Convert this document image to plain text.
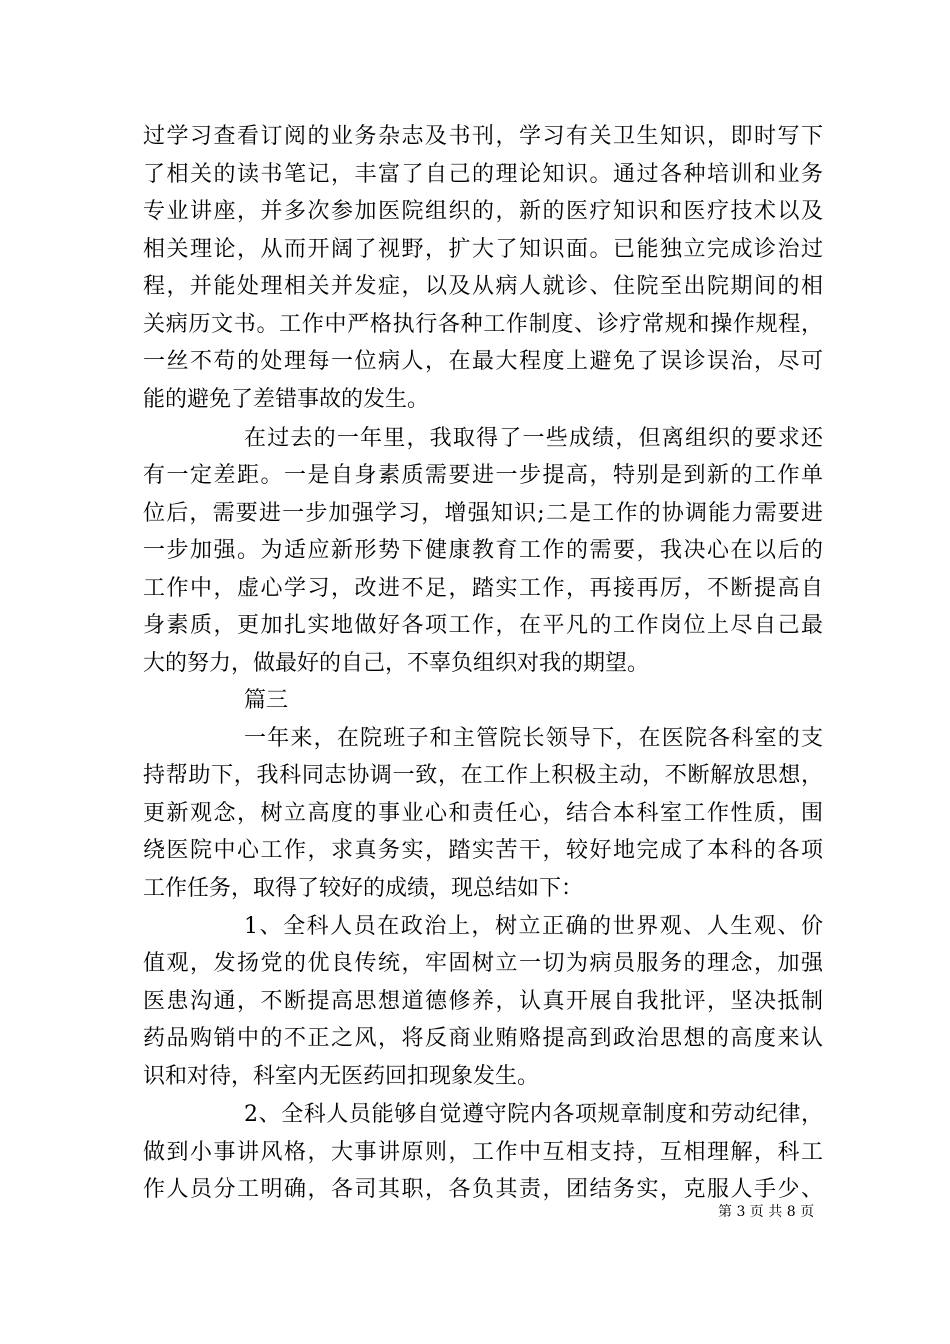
过学习查看订阅的业务杂志及书刊，学习有关卫生知识，即时写下
了相关的读书笔记，丰富了自己的理论知识。通过各种培训和业务
专业讲座，并多次参加医院组织的，新的医疗知识和医疗技术以及
相关理论，从而开阔了视野，扩大了知识面。已能独立完成诊治过
程，并能处理相关并发症，以及从病人就诊、住院至出院期间的相
关病历文书。工作中严格执行各种工作制度、诊疗常规和操作规程，
一丝不苟的处理每一位病人，在最大程度上避免了误诊误治，尽可
能的避免了差错事故的发生。
在过去的一年里，我取得了一些成绩，但离组织的要求还
有一定差距。一是自身素质需要进一步提高，特别是到新的工作单
位后，需要进一步加强学习，增强知识;二是工作的协调能力需要进
一步加强。为适应新形势下健康教育工作的需要，我决心在以后的
工作中，虚心学习，改进不足，踏实工作，再接再厉，不断提高自
身素质，更加扎实地做好各项工作，在平凡的工作岗位上尽自己最
大的努力，做最好的自己，不辜负组织对我的期望。
篇三
一年来，在院班子和主管院长领导下，在医院各科室的支
持帮助下，我科同志协调一致，在工作上积极主动，不断解放思想，
更新观念，树立高度的事业心和责任心，结合本科室工作性质，围
绕医院中心工作，求真务实，踏实苦干，较好地完成了本科的各项
工作任务，取得了较好的成绩，现总结如下：
1、全科人员在政治上，树立正确的世界观、人生观、价
值观，发扬党的优良传统，牢固树立一切为病员服务的理念，加强
医患沟通，不断提高思想道德修养，认真开展自我批评，坚决抵制
药品购销中的不正之风，将反商业贿赂提高到政治思想的高度来认
识和对待，科室内无医药回扣现象发生。
2、全科人员能够自觉遵守院内各项规章制度和劳动纪律，
做到小事讲风格，大事讲原则，工作中互相支持，互相理解，科工
作人员分工明确，各司其职，各负其责，团结务实，克服人手少、
第 3 页 共 8 页
